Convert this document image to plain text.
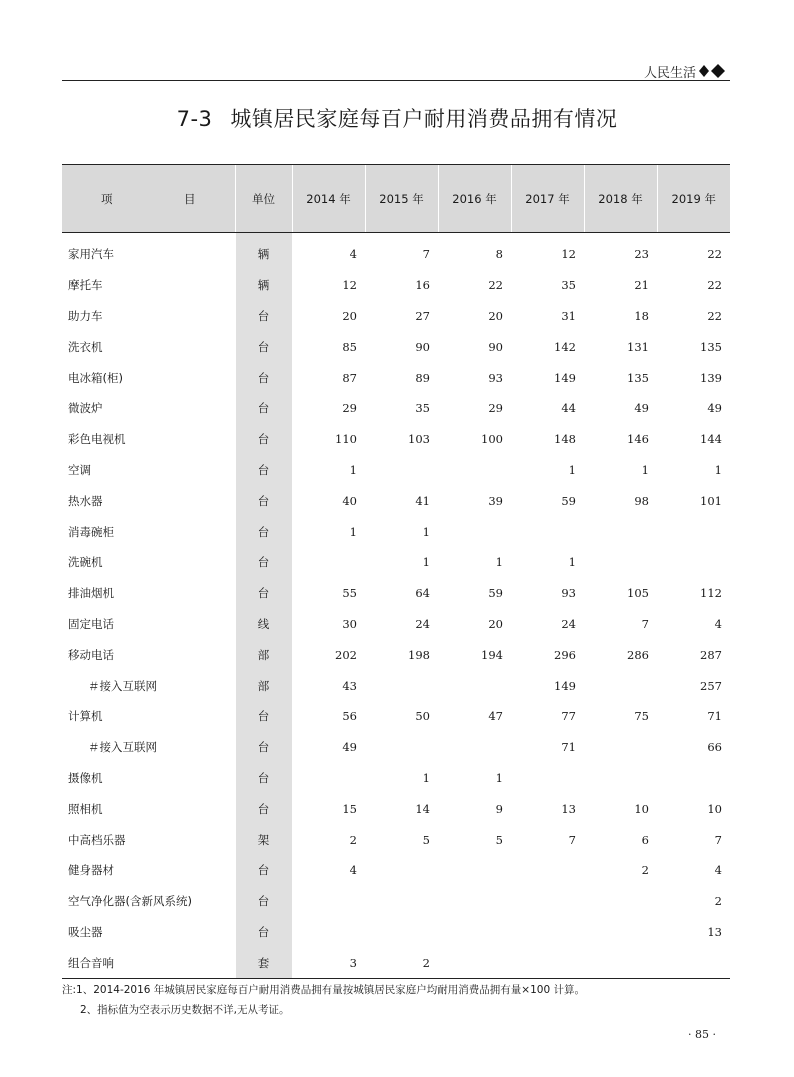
人民生活
7-3 城镇居民家庭每百户耐用消费品拥有情况
项　目	单位	2014 年	2015 年	2016 年	2017 年	2018 年	2019 年
家用汽车	辆	4	7	8	12	23	22
摩托车	辆	12	16	22	35	21	22
助力车	台	20	27	20	31	18	22
洗衣机	台	85	90	90	142	131	135
电冰箱(柜)	台	87	89	93	149	135	139
微波炉	台	29	35	29	44	49	49
彩色电视机	台	110	103	100	148	146	144
空调	台	1			1	1	1
热水器	台	40	41	39	59	98	101
消毒碗柜	台	1	1				
洗碗机	台		1	1	1		
排油烟机	台	55	64	59	93	105	112
固定电话	线	30	24	20	24	7	4
移动电话	部	202	198	194	296	286	287
＃接入互联网	部	43			149		257
计算机	台	56	50	47	77	75	71
＃接入互联网	台	49			71		66
摄像机	台		1	1			
照相机	台	15	14	9	13	10	10
中高档乐器	架	2	5	5	7	6	7
健身器材	台	4				2	4
空气净化器(含新风系统)	台						2
吸尘器	台						13
组合音响	套	3	2				
注:1、2014-2016 年城镇居民家庭每百户耐用消费品拥有量按城镇居民家庭户均耐用消费品拥有量×100 计算。
2、指标值为空表示历史数据不详,无从考证。
· 85 ·
